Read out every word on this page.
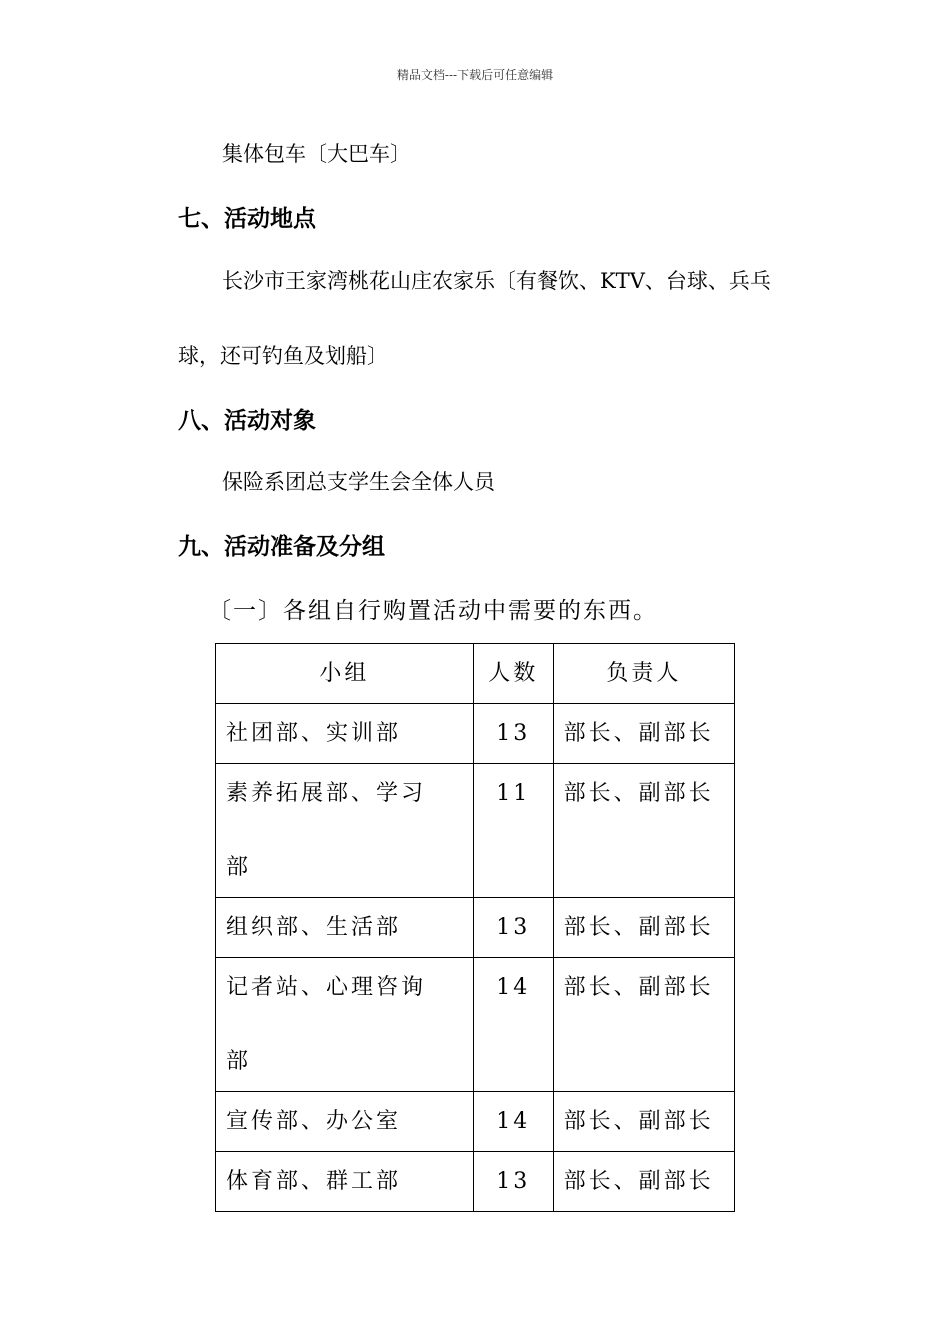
精品文档---下载后可任意编辑
集体包车〔大巴车〕
七、活动地点
长沙市王家湾桃花山庄农家乐〔有餐饮、KTV、台球、兵乓
球，还可钓鱼及划船〕
八、活动对象
保险系团总支学生会全体人员
九、活动准备及分组
〔一〕各组自行购置活动中需要的东西。
小组	人数	负责人

社团部、实训部	13	部长、副部长

素养拓展部、学习
部	11	部长、副部长

组织部、生活部	13	部长、副部长

记者站、心理咨询
部	14	部长、副部长

宣传部、办公室	14	部长、副部长

体育部、群工部	13	部长、副部长
